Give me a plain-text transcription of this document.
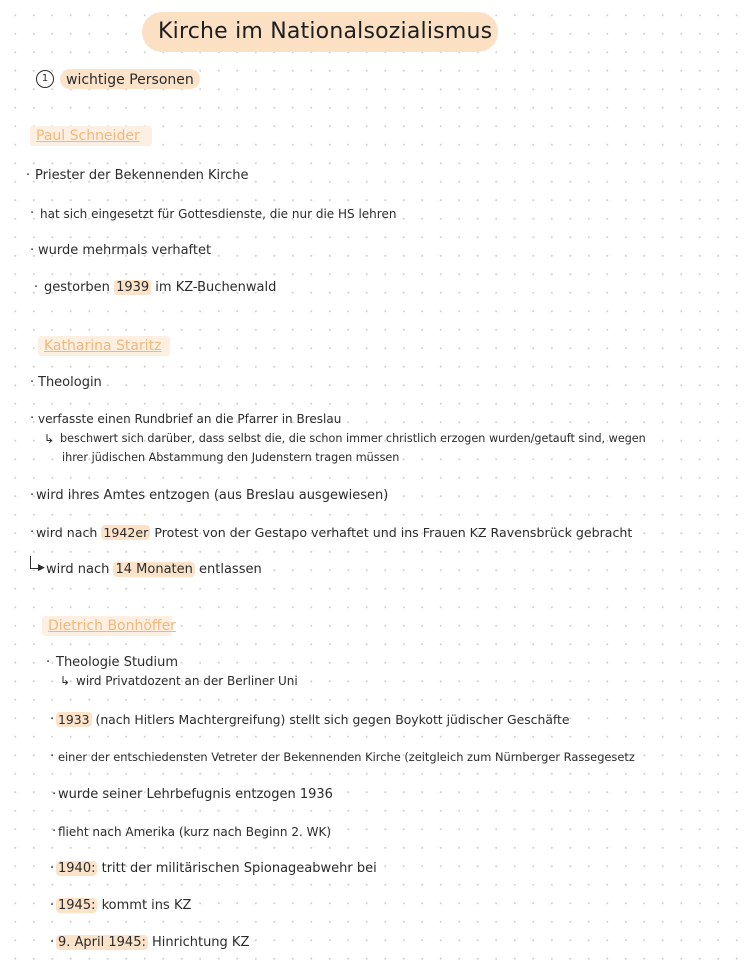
Kirche im Nationalsozialismus
1	wichtige Personen
Paul Schneider
· Priester der Bekennenden Kirche
· hat sich eingesetzt für Gottesdienste, die nur die HS lehren
· wurde mehrmals verhaftet
· gestorben 1939 im KZ-Buchenwald
Katharina Staritz
· Theologin
· verfasste einen Rundbrief an die Pfarrer in Breslau
↳ beschwert sich darüber, dass selbst die, die schon immer christlich erzogen wurden/getauft sind, wegen
ihrer jüdischen Abstammung den Judenstern tragen müssen
· wird ihres Amtes entzogen (aus Breslau ausgewiesen)
· wird nach 1942er Protest von der Gestapo verhaftet und ins Frauen KZ Ravensbrück gebracht
▶ wird nach 14 Monaten entlassen
Dietrich Bonhöffer
· Theologie Studium
↳ wird Privatdozent an der Berliner Uni
· 1933 (nach Hitlers Machtergreifung) stellt sich gegen Boykott jüdischer Geschäfte
· einer der entschiedensten Vetreter der Bekennenden Kirche (zeitgleich zum Nürnberger Rassegesetz
· wurde seiner Lehrbefugnis entzogen 1936
· flieht nach Amerika (kurz nach Beginn 2. WK)
· 1940: tritt der militärischen Spionageabwehr bei
· 1945: kommt ins KZ
· 9. April 1945: Hinrichtung KZ
